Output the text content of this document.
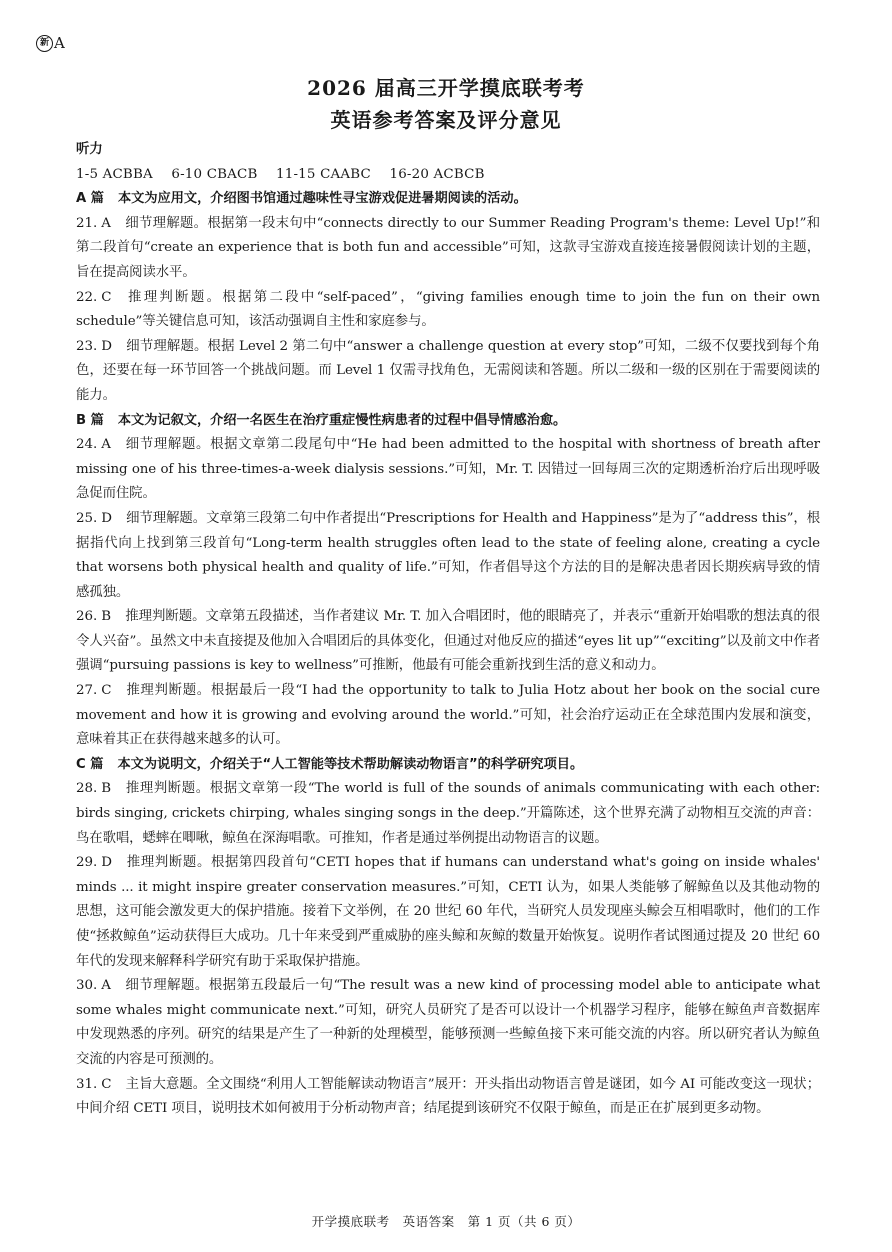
新 A
2026 届高三开学摸底联考考
英语参考答案及评分意见
听力
1-5 ACBBA 6-10 CBACB 11-15 CAABC 16-20 ACBCB
A 篇 本文为应用文，介绍图书馆通过趣味性寻宝游戏促进暑期阅读的活动。
21. A 细节理解题。根据第一段末句中“connects directly to our Summer Reading Program's theme: Level Up!”和第二段首句“create an experience that is both fun and accessible”可知，这款寻宝游戏直接连接暑假阅读计划的主题，旨在提高阅读水平。
22. C 推理判断题。根据第二段中“self-paced”，“giving families enough time to join the fun on their own schedule”等关键信息可知，该活动强调自主性和家庭参与。
23. D 细节理解题。根据 Level 2 第二句中“answer a challenge question at every stop”可知，二级不仅要找到每个角色，还要在每一环节回答一个挑战问题。而 Level 1 仅需寻找角色，无需阅读和答题。所以二级和一级的区别在于需要阅读的能力。
B 篇 本文为记叙文，介绍一名医生在治疗重症慢性病患者的过程中倡导情感治愈。
24. A 细节理解题。根据文章第二段尾句中“He had been admitted to the hospital with shortness of breath after missing one of his three-times-a-week dialysis sessions.”可知，Mr. T. 因错过一回每周三次的定期透析治疗后出现呼吸急促而住院。
25. D 细节理解题。文章第三段第二句中作者提出“Prescriptions for Health and Happiness”是为了“address this”，根据指代向上找到第三段首句“Long-term health struggles often lead to the state of feeling alone, creating a cycle that worsens both physical health and quality of life.”可知，作者倡导这个方法的目的是解决患者因长期疾病导致的情感孤独。
26. B 推理判断题。文章第五段描述，当作者建议 Mr. T. 加入合唱团时，他的眼睛亮了，并表示“重新开始唱歌的想法真的很令人兴奋”。虽然文中未直接提及他加入合唱团后的具体变化，但通过对他反应的描述“eyes lit up”“exciting”以及前文中作者强调“pursuing passions is key to wellness”可推断，他最有可能会重新找到生活的意义和动力。
27. C 推理判断题。根据最后一段“I had the opportunity to talk to Julia Hotz about her book on the social cure movement and how it is growing and evolving around the world.”可知，社会治疗运动正在全球范围内发展和演变，意味着其正在获得越来越多的认可。
C 篇 本文为说明文，介绍关于“人工智能等技术帮助解读动物语言”的科学研究项目。
28. B 推理判断题。根据文章第一段“The world is full of the sounds of animals communicating with each other: birds singing, crickets chirping, whales singing songs in the deep.”开篇陈述，这个世界充满了动物相互交流的声音：鸟在歌唱，蟋蟀在唧啾，鲸鱼在深海唱歌。可推知，作者是通过举例提出动物语言的议题。
29. D 推理判断题。根据第四段首句“CETI hopes that if humans can understand what's going on inside whales' minds ... it might inspire greater conservation measures.”可知，CETI 认为，如果人类能够了解鲸鱼以及其他动物的思想，这可能会激发更大的保护措施。接着下文举例，在 20 世纪 60 年代，当研究人员发现座头鲸会互相唱歌时，他们的工作使“拯救鲸鱼”运动获得巨大成功。几十年来受到严重威胁的座头鲸和灰鲸的数量开始恢复。说明作者试图通过提及 20 世纪 60 年代的发现来解释科学研究有助于采取保护措施。
30. A 细节理解题。根据第五段最后一句“The result was a new kind of processing model able to anticipate what some whales might communicate next.”可知，研究人员研究了是否可以设计一个机器学习程序，能够在鲸鱼声音数据库中发现熟悉的序列。研究的结果是产生了一种新的处理模型，能够预测一些鲸鱼接下来可能交流的内容。所以研究者认为鲸鱼交流的内容是可预测的。
31. C 主旨大意题。全文围绕“利用人工智能解读动物语言”展开：开头指出动物语言曾是谜团，如今 AI 可能改变这一现状；中间介绍 CETI 项目，说明技术如何被用于分析动物声音；结尾提到该研究不仅限于鲸鱼，而是正在扩展到更多动物。
开学摸底联考　英语答案　第 1 页（共 6 页）
